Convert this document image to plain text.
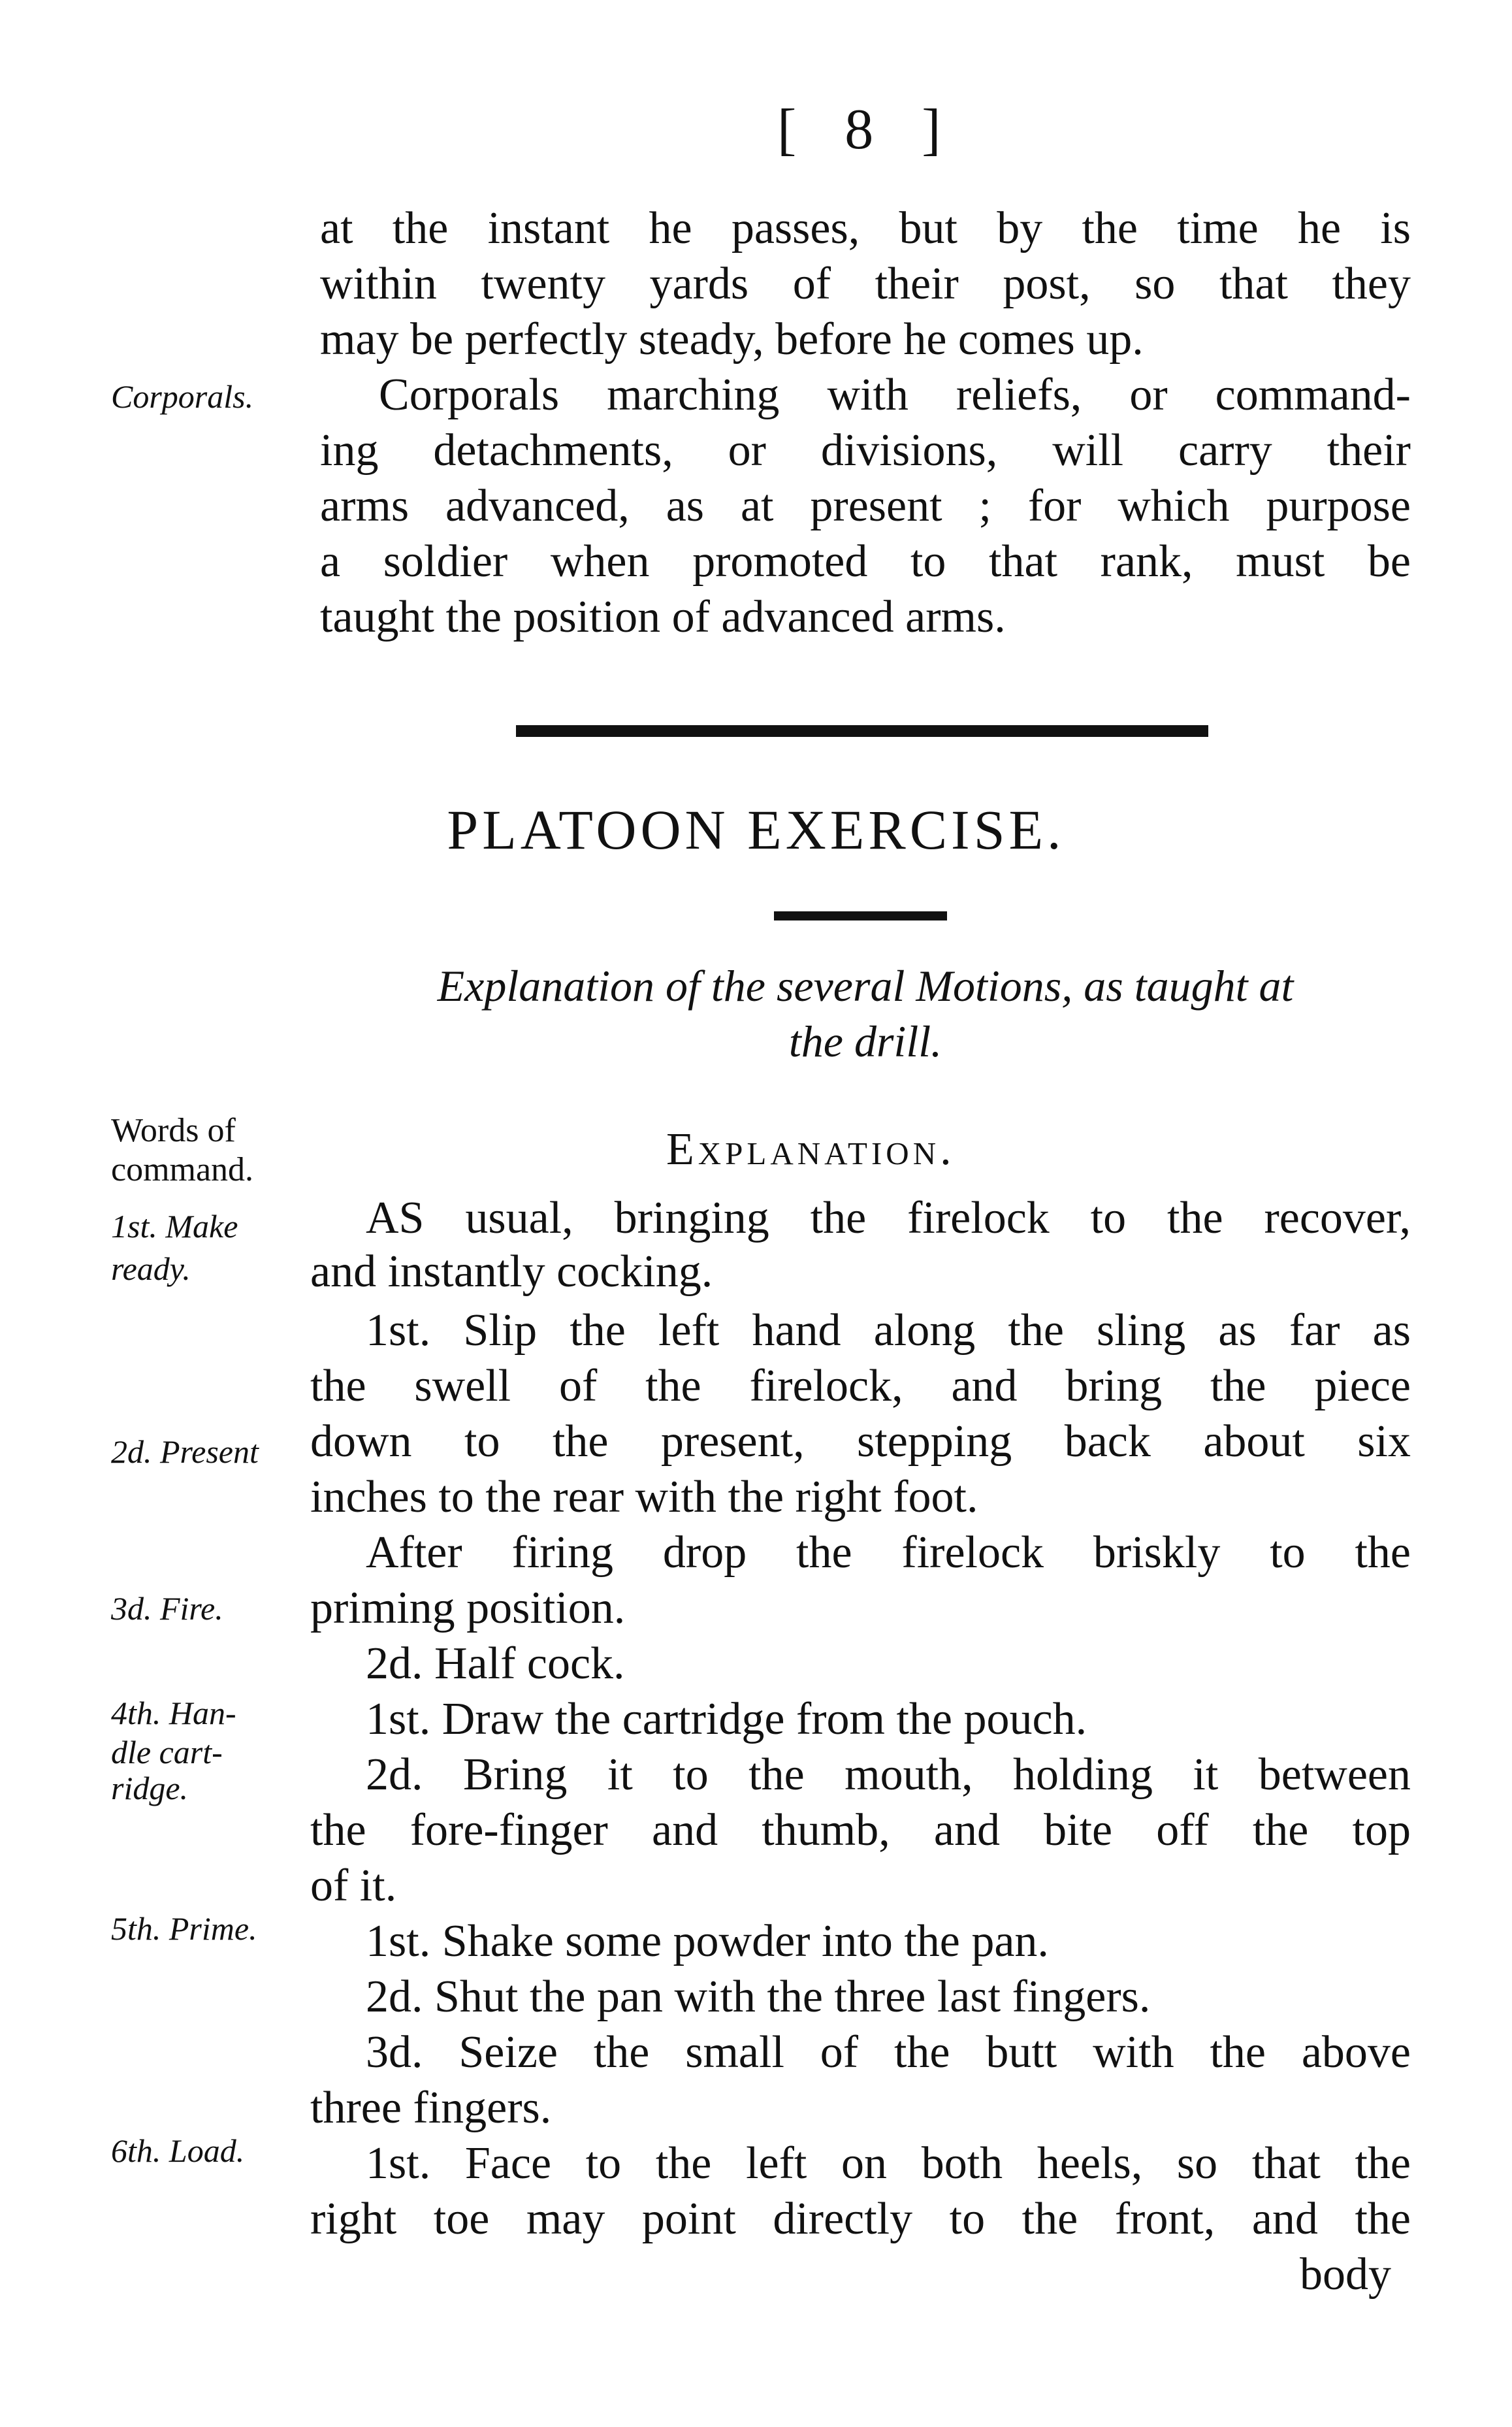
[ 8 ]
at the instant he passes, but by the time he is
within twenty yards of their post, so that they
may be perfectly steady, before he comes up.
Corporals marching with reliefs, or command-
ing detachments, or divisions, will carry their
arms advanced, as at present ; for which purpose
a soldier when promoted to that rank, must be
taught the position of advanced arms.
Corporals.
PLATOON EXERCISE.
Explanation of the several Motions, as taught at
the drill.
Words of
command.	Explanation.
1st. Make
ready.
2d. Present
3d. Fire.
4th. Han-
dle cart-
ridge.
5th. Prime.
6th. Load.
AS usual, bringing the firelock to the recover,
and instantly cocking.
1st. Slip the left hand along the sling as far as
the swell of the firelock, and bring the piece
down to the present, stepping back about six
inches to the rear with the right foot.
After firing drop the firelock briskly to the
priming position.
2d. Half cock.
1st. Draw the cartridge from the pouch.
2d. Bring it to the mouth, holding it between
the fore-finger and thumb, and bite off the top
of it.
1st. Shake some powder into the pan.
2d. Shut the pan with the three last fingers.
3d. Seize the small of the butt with the above
three fingers.
1st. Face to the left on both heels, so that the
right toe may point directly to the front, and the
body
